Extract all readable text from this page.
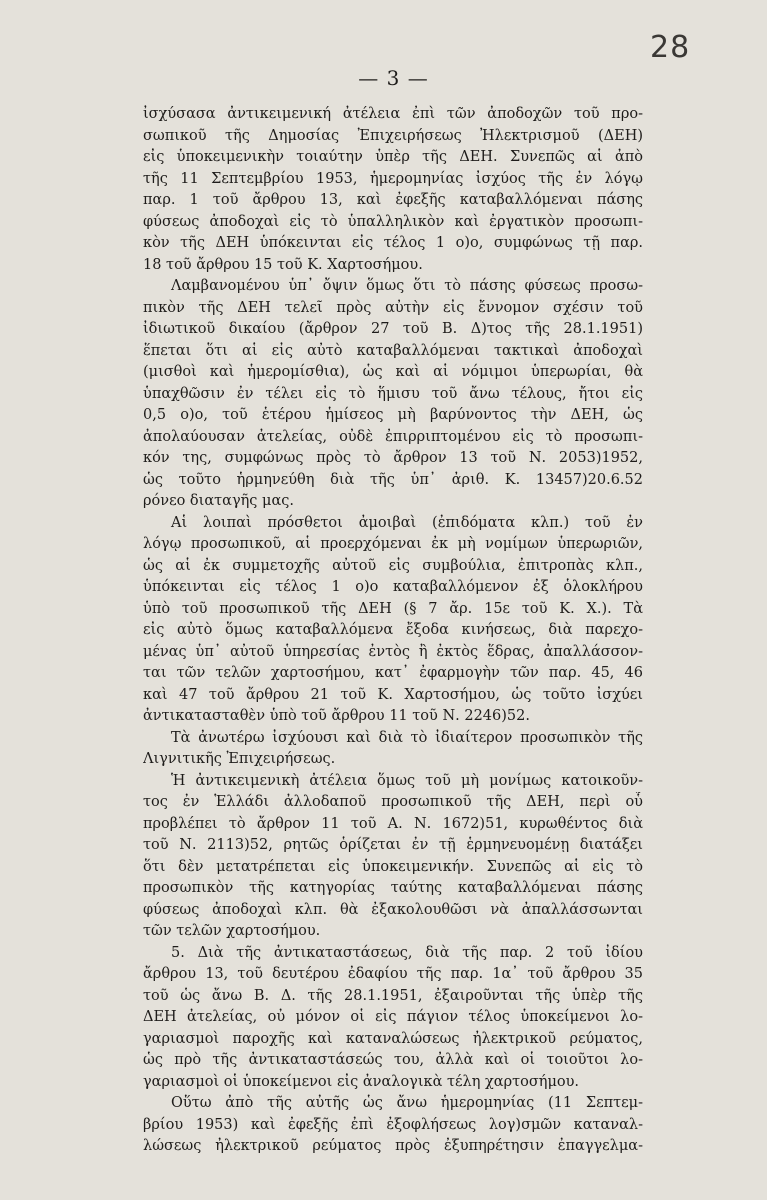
28
— 3 —
ἰσχύσασα ἀντικειμενική ἀτέλεια ἐπὶ τῶν ἀποδοχῶν τοῦ προ-
σωπικοῦ τῆς Δημοσίας Ἐπιχειρήσεως Ἠλεκτρισμοῦ (ΔΕΗ)
εἰς ὑποκειμενικὴν τοιαύτην ὑπὲρ τῆς ΔΕΗ. Συνεπῶς αἱ ἀπὸ
τῆς 11 Σεπτεμβρίου 1953, ἡμερομηνίας ἰσχύος τῆς ἐν λόγῳ
παρ. 1 τοῦ ἄρθρου 13, καὶ ἐφεξῆς καταβαλλόμεναι πάσης
φύσεως ἀποδοχαὶ εἰς τὸ ὑπαλληλικὸν καὶ ἐργατικὸν προσωπι-
κὸν τῆς ΔΕΗ ὑπόκεινται εἰς τέλος 1 ο)ο, συμφώνως τῇ παρ.
18 τοῦ ἄρθρου 15 τοῦ Κ. Χαρτοσήμου.
Λαμβανομένου ὑπ᾽ ὄψιν ὅμως ὅτι τὸ πάσης φύσεως προσω-
πικὸν τῆς ΔΕΗ τελεῖ πρὸς αὐτὴν εἰς ἔννομον σχέσιν τοῦ
ἰδιωτικοῦ δικαίου (ἄρθρον 27 τοῦ Β. Δ)τος τῆς 28.1.1951)
ἕπεται ὅτι αἱ εἰς αὐτὸ καταβαλλόμεναι τακτικαὶ ἀποδοχαὶ
(μισθοὶ καὶ ἡμερομίσθια), ὡς καὶ αἱ νόμιμοι ὑπερωρίαι, θὰ
ὑπαχθῶσιν ἐν τέλει εἰς τὸ ἥμισυ τοῦ ἄνω τέλους, ἤτοι εἰς
0,5 ο)ο, τοῦ ἑτέρου ἡμίσεος μὴ βαρύνοντος τὴν ΔΕΗ, ὡς
ἀπολαύουσαν ἀτελείας, οὐδὲ ἐπιρριπτομένου εἰς τὸ προσωπι-
κόν της, συμφώνως πρὸς τὸ ἄρθρον 13 τοῦ Ν. 2053)1952,
ὡς τοῦτο ἡρμηνεύθη διὰ τῆς ὑπ᾽ ἀριθ. Κ. 13457)20.6.52
ρόνεο διαταγῆς μας.
Αἱ λοιπαὶ πρόσθετοι ἀμοιβαὶ (ἐπιδόματα κλπ.) τοῦ ἐν
λόγῳ προσωπικοῦ, αἱ προερχόμεναι ἐκ μὴ νομίμων ὑπερωριῶν,
ὡς αἱ ἐκ συμμετοχῆς αὐτοῦ εἰς συμβούλια, ἐπιτροπὰς κλπ.,
ὑπόκεινται εἰς τέλος 1 ο)ο καταβαλλόμενον ἐξ ὁλοκλήρου
ὑπὸ τοῦ προσωπικοῦ τῆς ΔΕΗ (§ 7 ἄρ. 15ε τοῦ Κ. Χ.). Τὰ
εἰς αὐτὸ ὅμως καταβαλλόμενα ἔξοδα κινήσεως, διὰ παρεχο-
μένας ὑπ᾽ αὐτοῦ ὑπηρεσίας ἐντὸς ἢ ἐκτὸς ἕδρας, ἀπαλλάσσον-
ται τῶν τελῶν χαρτοσήμου, κατ᾽ ἐφαρμογὴν τῶν παρ. 45, 46
καὶ 47 τοῦ ἄρθρου 21 τοῦ Κ. Χαρτοσήμου, ὡς τοῦτο ἰσχύει
ἀντικατασταθὲν ὑπὸ τοῦ ἄρθρου 11 τοῦ Ν. 2246)52.
Τὰ ἀνωτέρω ἰσχύουσι καὶ διὰ τὸ ἰδιαίτερον προσωπικὸν τῆς
Λιγνιτικῆς Ἐπιχειρήσεως.
Ἡ ἀντικειμενικὴ ἀτέλεια ὅμως τοῦ μὴ μονίμως κατοικοῦν-
τος ἐν Ἑλλάδι ἀλλοδαποῦ προσωπικοῦ τῆς ΔΕΗ, περὶ οὗ
προβλέπει τὸ ἄρθρον 11 τοῦ Α. Ν. 1672)51, κυρωθέντος διὰ
τοῦ Ν. 2113)52, ρητῶς ὁρίζεται ἐν τῇ ἑρμηνευομένῃ διατάξει
ὅτι δὲν μετατρέπεται εἰς ὑποκειμενικήν. Συνεπῶς αἱ εἰς τὸ
προσωπικὸν τῆς κατηγορίας ταύτης καταβαλλόμεναι πάσης
φύσεως ἀποδοχαὶ κλπ. θὰ ἐξακολουθῶσι νὰ ἀπαλλάσσωνται
τῶν τελῶν χαρτοσήμου.
5. Διὰ τῆς ἀντικαταστάσεως, διὰ τῆς παρ. 2 τοῦ ἰδίου
ἄρθρου 13, τοῦ δευτέρου ἐδαφίου τῆς παρ. 1α᾽ τοῦ ἄρθρου 35
τοῦ ὡς ἄνω Β. Δ. τῆς 28.1.1951, ἐξαιροῦνται τῆς ὑπὲρ τῆς
ΔΕΗ ἀτελείας, οὐ μόνον οἱ εἰς πάγιον τέλος ὑποκείμενοι λο-
γαριασμοὶ παροχῆς καὶ καταναλώσεως ἠλεκτρικοῦ ρεύματος,
ὡς πρὸ τῆς ἀντικαταστάσεώς του, ἀλλὰ καὶ οἱ τοιοῦτοι λο-
γαριασμοὶ οἱ ὑποκείμενοι εἰς ἀναλογικὰ τέλη χαρτοσήμου.
Οὕτω ἀπὸ τῆς αὐτῆς ὡς ἄνω ἡμερομηνίας (11 Σεπτεμ-
βρίου 1953) καὶ ἐφεξῆς ἐπὶ ἐξοφλήσεως λογ)σμῶν καταναλ-
λώσεως ἠλεκτρικοῦ ρεύματος πρὸς ἐξυπηρέτησιν ἐπαγγελμα-
